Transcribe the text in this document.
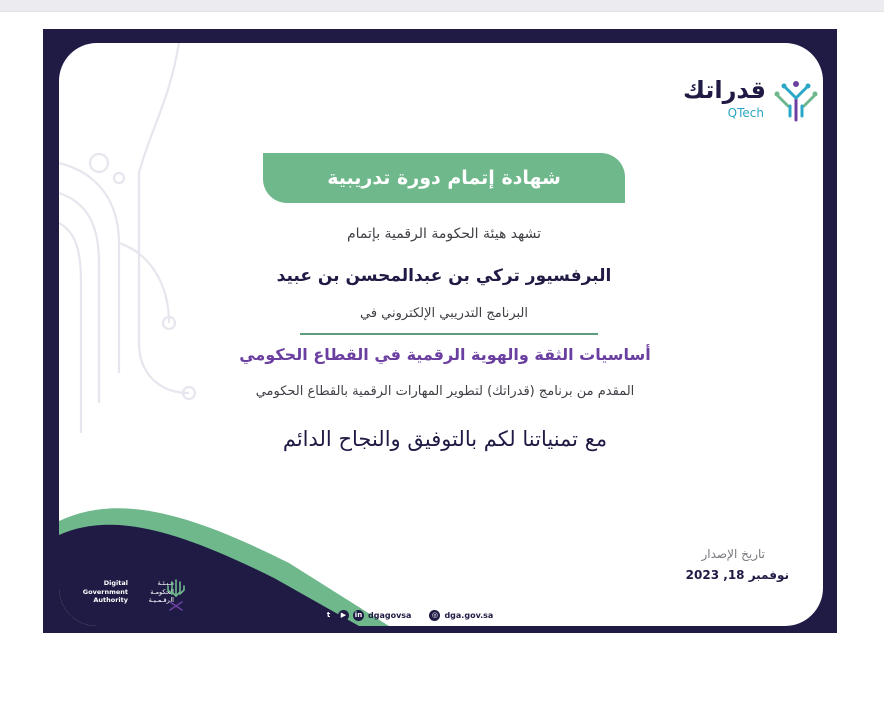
قدراتك
QTech
شهادة إتمام دورة تدريبية
تشهد هيئة الحكومة الرقمية بإتمام
البرفسيور تركي بن عبدالمحسن بن عبيد
البرنامج التدريبي الإلكتروني في
أساسيات الثقة والهوية الرقمية في القطاع الحكومي
المقدم من برنامج (قدراتك) لتطوير المهارات الرقمية بالقطاع الحكومي
مع تمنياتنا لكم بالتوفيق والنجاح الدائم
تاريخ الإصدار
نوفمبر 18, 2023
Digital
Government
Authority
هـيـئـة
الحكومـة
الرقـمـيـة
t	▶	in dgagovsa	◎ dga.gov.sa
